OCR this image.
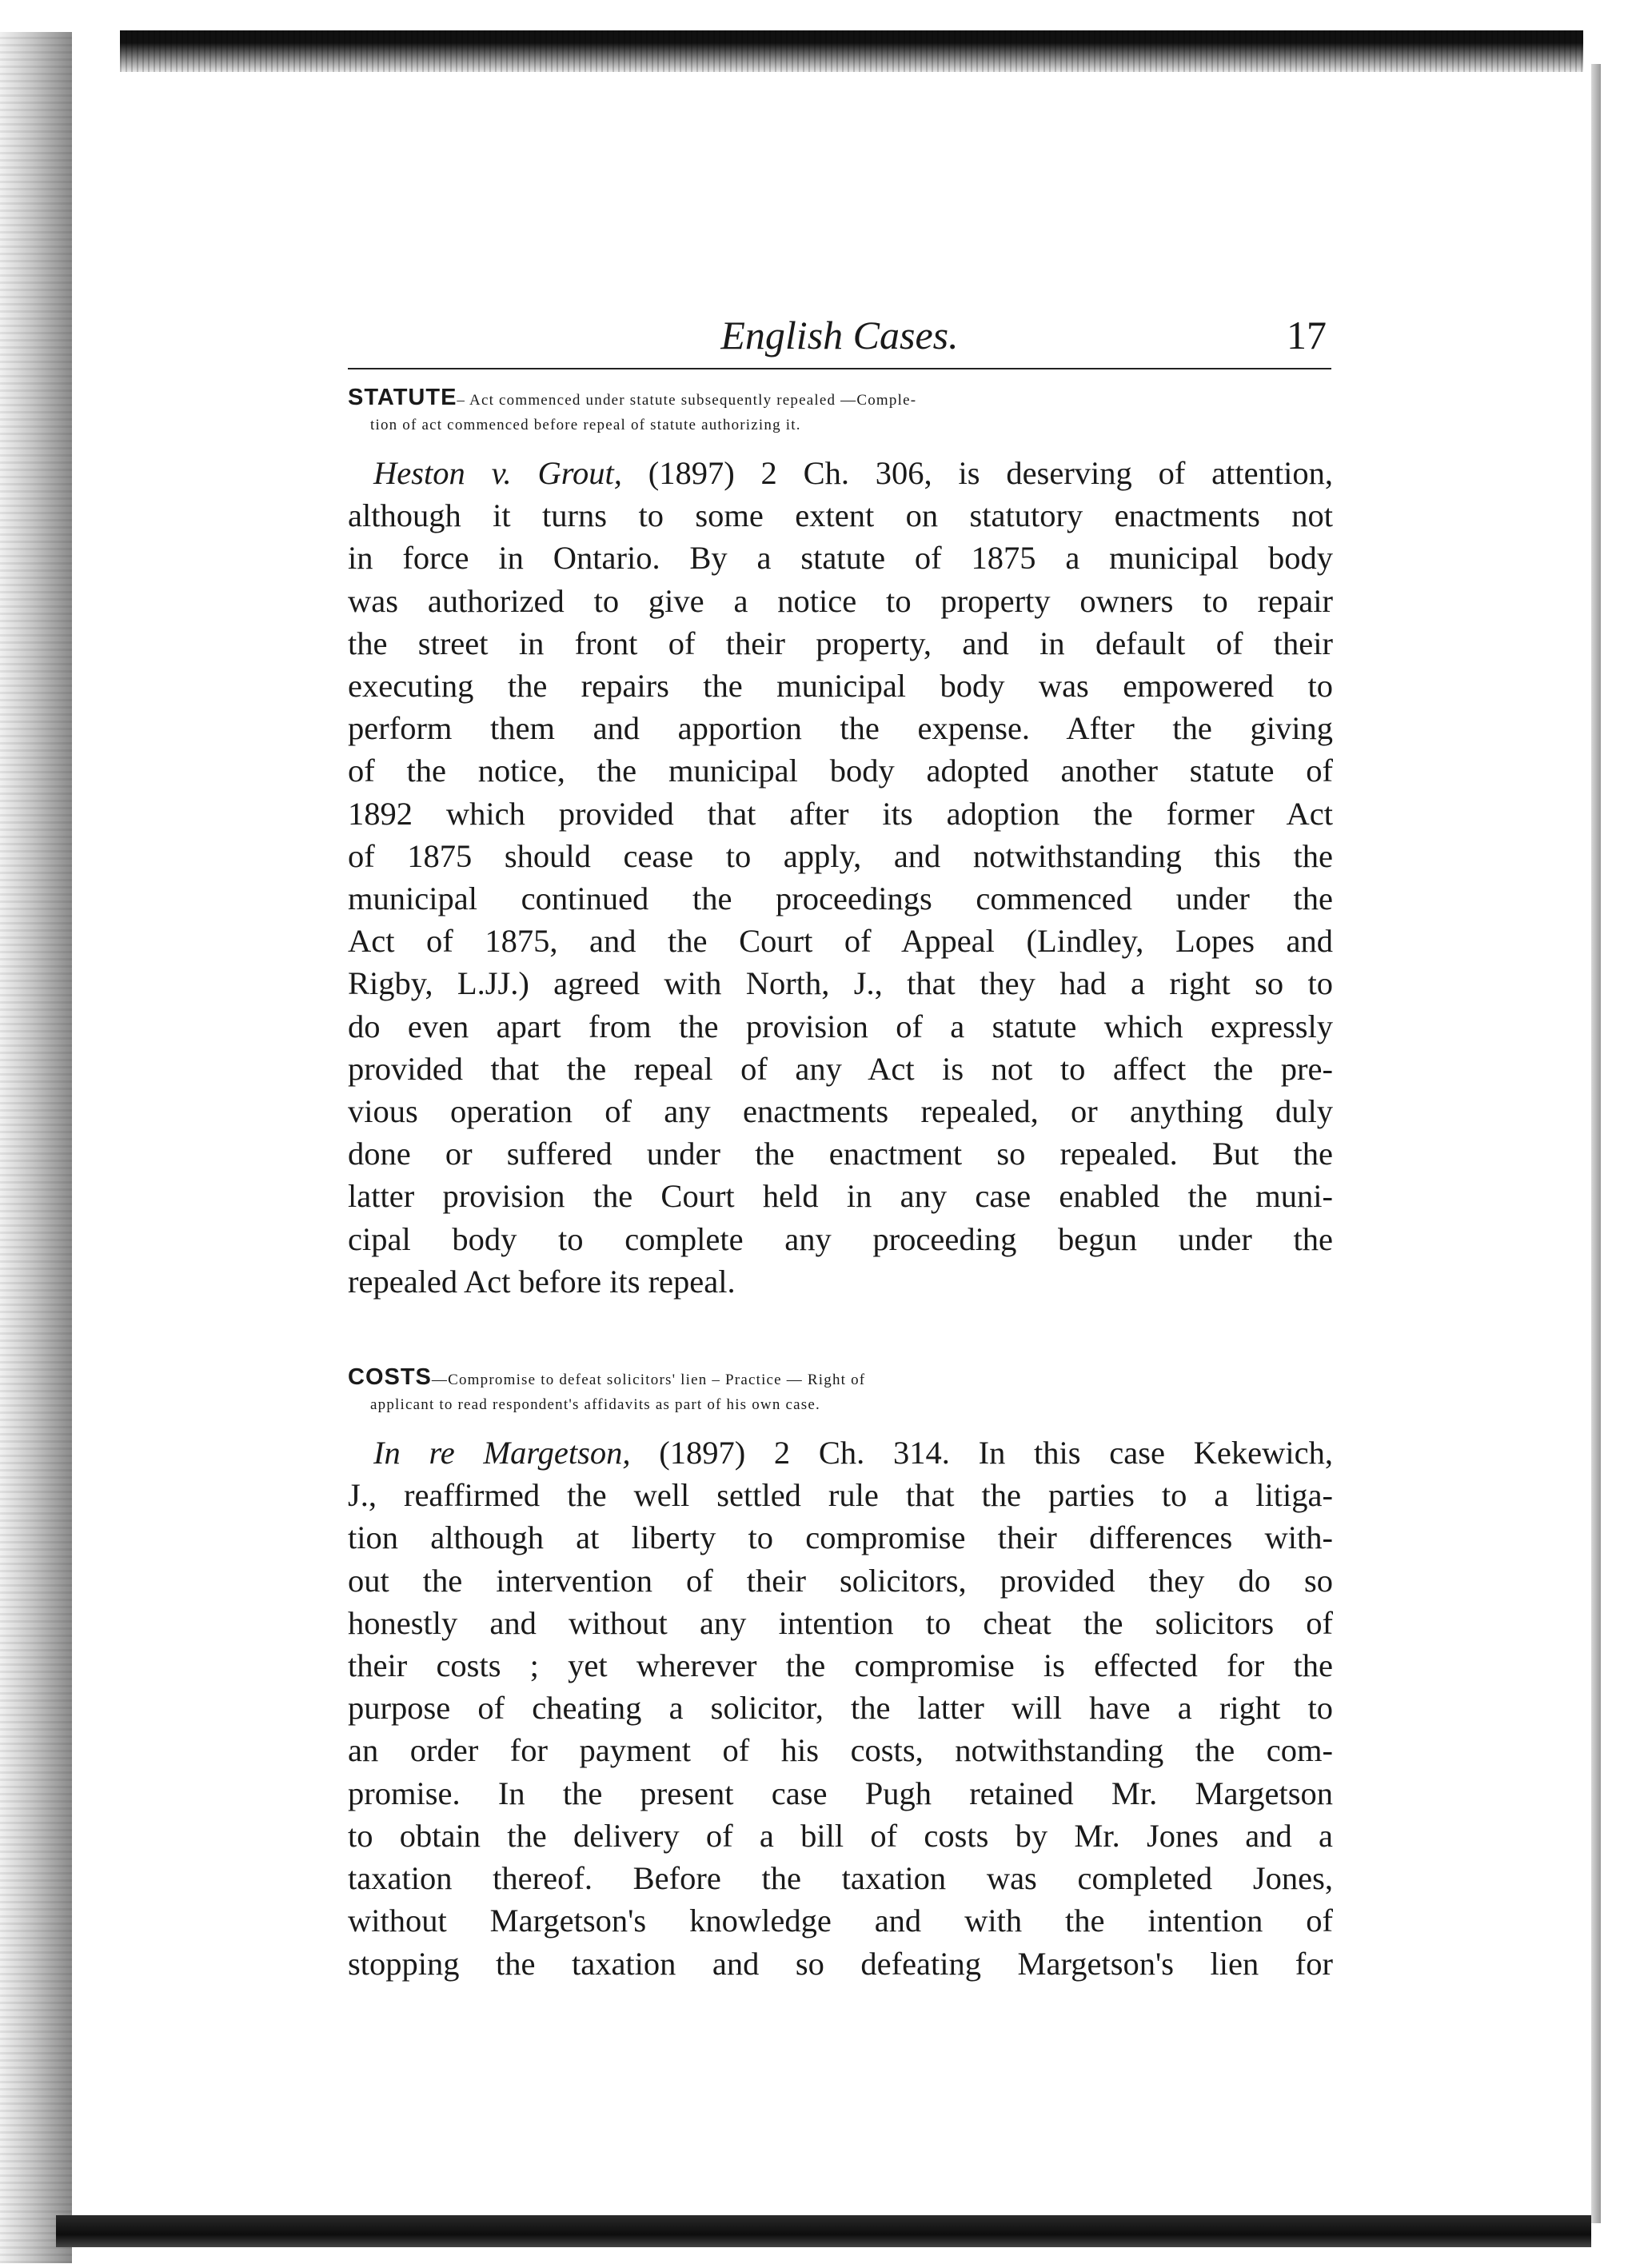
English Cases.	17
STATUTE– Act commenced under statute subsequently repealed —Comple-
tion of act commenced before repeal of statute authorizing it.
Heston v. Grout, (1897) 2 Ch. 306, is deserving of attention,
although it turns to some extent on statutory enactments not
in force in Ontario. By a statute of 1875 a municipal body
was authorized to give a notice to property owners to repair
the street in front of their property, and in default of their
executing the repairs the municipal body was empowered to
perform them and apportion the expense. After the giving
of the notice, the municipal body adopted another statute of
1892 which provided that after its adoption the former Act
of 1875 should cease to apply, and notwithstanding this the
municipal continued the proceedings commenced under the
Act of 1875, and the Court of Appeal (Lindley, Lopes and
Rigby, L.JJ.) agreed with North, J., that they had a right so to
do even apart from the provision of a statute which expressly
provided that the repeal of any Act is not to affect the pre-
vious operation of any enactments repealed, or anything duly
done or suffered under the enactment so repealed. But the
latter provision the Court held in any case enabled the muni-
cipal body to complete any proceeding begun under the
repealed Act before its repeal.
COSTS—Compromise to defeat solicitors' lien – Practice — Right of
applicant to read respondent's affidavits as part of his own case.
In re Margetson, (1897) 2 Ch. 314. In this case Kekewich,
J., reaffirmed the well settled rule that the parties to a litiga-
tion although at liberty to compromise their differences with-
out the intervention of their solicitors, provided they do so
honestly and without any intention to cheat the solicitors of
their costs ; yet wherever the compromise is effected for the
purpose of cheating a solicitor, the latter will have a right to
an order for payment of his costs, notwithstanding the com-
promise. In the present case Pugh retained Mr. Margetson
to obtain the delivery of a bill of costs by Mr. Jones and a
taxation thereof. Before the taxation was completed Jones,
without Margetson's knowledge and with the intention of
stopping the taxation and so defeating Margetson's lien for
